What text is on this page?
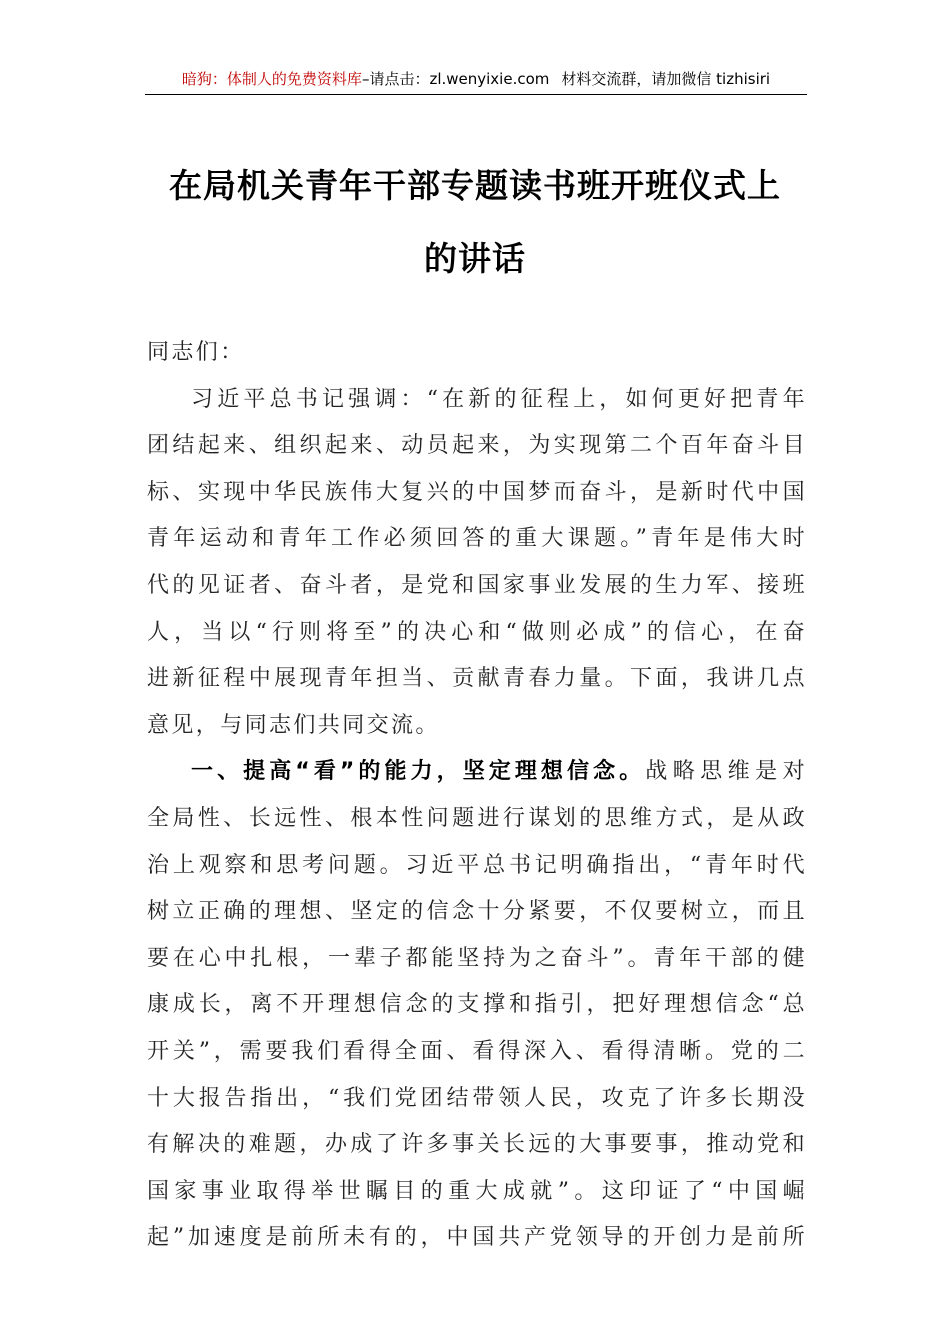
暗狗：体制人的免费资料库–请点击：zl.wenyixie.com 材料交流群，请加微信 tizhisiri
在局机关青年干部专题读书班开班仪式上
的讲话
同志们：
习近平总书记强调：“在新的征程上，如何更好把青年
团结起来、组织起来、动员起来，为实现第二个百年奋斗目
标、实现中华民族伟大复兴的中国梦而奋斗，是新时代中国
青年运动和青年工作必须回答的重大课题。”青年是伟大时
代的见证者、奋斗者，是党和国家事业发展的生力军、接班
人，当以“行则将至”的决心和“做则必成”的信心，在奋
进新征程中展现青年担当、贡献青春力量。下面，我讲几点
意见，与同志们共同交流。
一、提高“看”的能力，坚定理想信念。战略思维是对
全局性、长远性、根本性问题进行谋划的思维方式，是从政
治上观察和思考问题。习近平总书记明确指出，“青年时代
树立正确的理想、坚定的信念十分紧要，不仅要树立，而且
要在心中扎根，一辈子都能坚持为之奋斗”。青年干部的健
康成长，离不开理想信念的支撑和指引，把好理想信念“总
开关”，需要我们看得全面、看得深入、看得清晰。党的二
十大报告指出，“我们党团结带领人民，攻克了许多长期没
有解决的难题，办成了许多事关长远的大事要事，推动党和
国家事业取得举世瞩目的重大成就”。这印证了“中国崛
起”加速度是前所未有的，中国共产党领导的开创力是前所
